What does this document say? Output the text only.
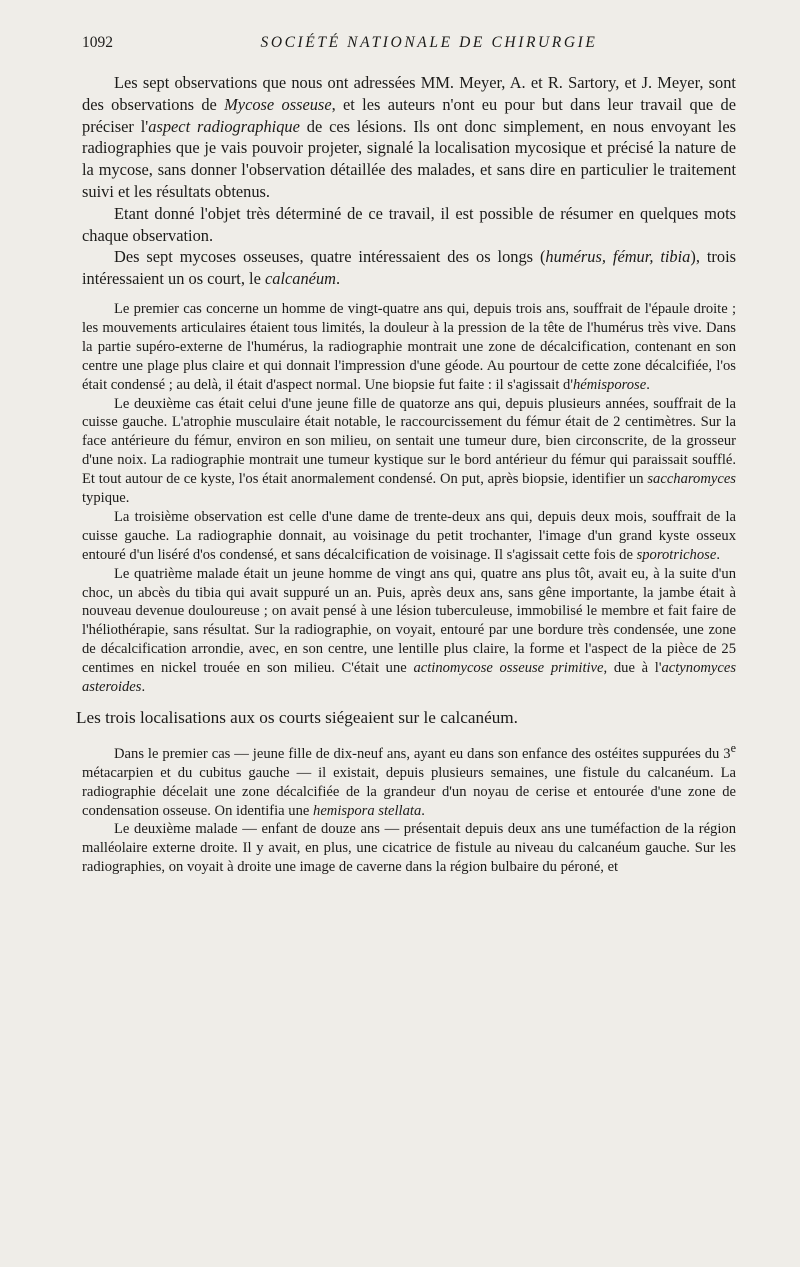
1092	SOCIÉTÉ NATIONALE DE CHIRURGIE

Les sept observations que nous ont adressées MM. Meyer, A. et R. Sartory, et J. Meyer, sont des observations de Mycose osseuse, et les auteurs n'ont eu pour but dans leur travail que de préciser l'aspect radiographique de ces lésions. Ils ont donc simplement, en nous envoyant les radiographies que je vais pouvoir projeter, signalé la localisation mycosique et précisé la nature de la mycose, sans donner l'observation détaillée des malades, et sans dire en particulier le traitement suivi et les résultats obtenus.

Etant donné l'objet très déterminé de ce travail, il est possible de résumer en quelques mots chaque observation.

Des sept mycoses osseuses, quatre intéressaient des os longs (humérus, fémur, tibia), trois intéressaient un os court, le calcanéum.

Le premier cas concerne un homme de vingt-quatre ans qui, depuis trois ans, souffrait de l'épaule droite ; les mouvements articulaires étaient tous limités, la douleur à la pression de la tête de l'humérus très vive. Dans la partie supéro-externe de l'humérus, la radiographie montrait une zone de décalcification, contenant en son centre une plage plus claire et qui donnait l'impression d'une géode. Au pourtour de cette zone décalcifiée, l'os était condensé ; au delà, il était d'aspect normal. Une biopsie fut faite : il s'agissait d'hémisporose.

Le deuxième cas était celui d'une jeune fille de quatorze ans qui, depuis plusieurs années, souffrait de la cuisse gauche. L'atrophie musculaire était notable, le raccourcissement du fémur était de 2 centimètres. Sur la face antérieure du fémur, environ en son milieu, on sentait une tumeur dure, bien circonscrite, de la grosseur d'une noix. La radiographie montrait une tumeur kystique sur le bord antérieur du fémur qui paraissait soufflé. Et tout autour de ce kyste, l'os était anormalement condensé. On put, après biopsie, identifier un saccharomyces typique.

La troisième observation est celle d'une dame de trente-deux ans qui, depuis deux mois, souffrait de la cuisse gauche. La radiographie donnait, au voisinage du petit trochanter, l'image d'un grand kyste osseux entouré d'un liséré d'os condensé, et sans décalcification de voisinage. Il s'agissait cette fois de sporotrichose.

Le quatrième malade était un jeune homme de vingt ans qui, quatre ans plus tôt, avait eu, à la suite d'un choc, un abcès du tibia qui avait suppuré un an. Puis, après deux ans, sans gêne importante, la jambe était à nouveau devenue douloureuse ; on avait pensé à une lésion tuberculeuse, immobilisé le membre et fait faire de l'héliothérapie, sans résultat. Sur la radiographie, on voyait, entouré par une bordure très condensée, une zone de décalcification arrondie, avec, en son centre, une lentille plus claire, la forme et l'aspect de la pièce de 25 centimes en nickel trouée en son milieu. C'était une actinomycose osseuse primitive, due à l'actynomyces asteroides.

Les trois localisations aux os courts siégeaient sur le calcanéum.

Dans le premier cas — jeune fille de dix-neuf ans, ayant eu dans son enfance des ostéites suppurées du 3e métacarpien et du cubitus gauche — il existait, depuis plusieurs semaines, une fistule du calcanéum. La radiographie décelait une zone décalcifiée de la grandeur d'un noyau de cerise et entourée d'une zone de condensation osseuse. On identifia une hemispora stellata.

Le deuxième malade — enfant de douze ans — présentait depuis deux ans une tuméfaction de la région malléolaire externe droite. Il y avait, en plus, une cicatrice de fistule au niveau du calcanéum gauche. Sur les radiographies, on voyait à droite une image de caverne dans la région bulbaire du péroné, et
